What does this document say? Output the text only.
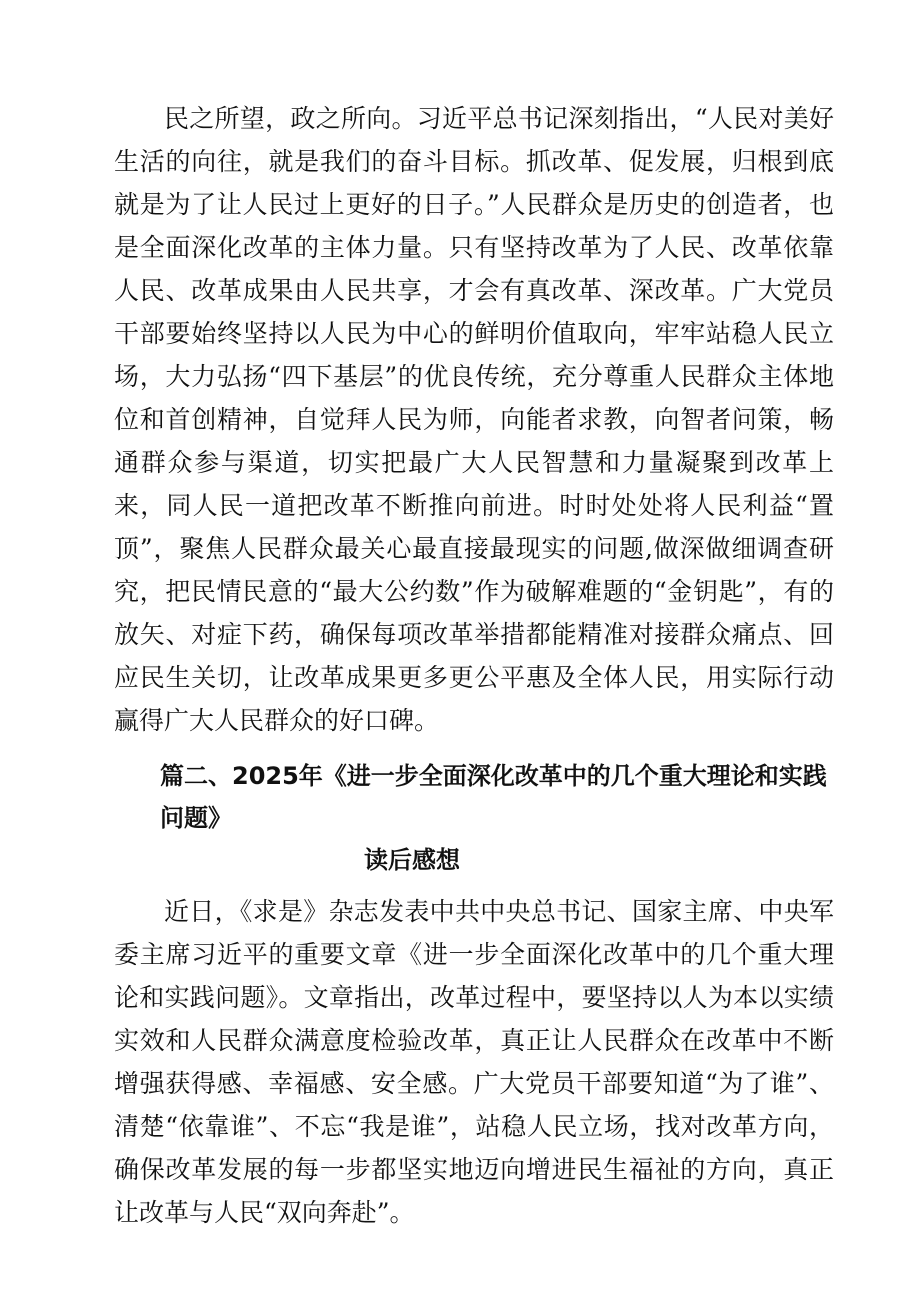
民之所望，政之所向。习近平总书记深刻指出，“人民对美好生活的向往，就是我们的奋斗目标。抓改革、促发展，归根到底就是为了让人民过上更好的日子。”人民群众是历史的创造者，也是全面深化改革的主体力量。只有坚持改革为了人民、改革依靠人民、改革成果由人民共享，才会有真改革、深改革。广大党员干部要始终坚持以人民为中心的鲜明价值取向，牢牢站稳人民立场，大力弘扬“四下基层”的优良传统，充分尊重人民群众主体地位和首创精神，自觉拜人民为师，向能者求教，向智者问策，畅通群众参与渠道，切实把最广大人民智慧和力量凝聚到改革上来，同人民一道把改革不断推向前进。时时处处将人民利益“置顶”，聚焦人民群众最关心最直接最现实的问题,做深做细调查研究，把民情民意的“最大公约数”作为破解难题的“金钥匙”，有的放矢、对症下药，确保每项改革举措都能精准对接群众痛点、回应民生关切，让改革成果更多更公平惠及全体人民，用实际行动赢得广大人民群众的好口碑。

篇二、2025年《进一步全面深化改革中的几个重大理论和实践问题》
读后感想

近日，《求是》杂志发表中共中央总书记、国家主席、中央军委主席习近平的重要文章《进一步全面深化改革中的几个重大理论和实践问题》。文章指出，改革过程中，要坚持以人为本以实绩实效和人民群众满意度检验改革，真正让人民群众在改革中不断增强获得感、幸福感、安全感。广大党员干部要知道“为了谁”、清楚“依靠谁”、不忘“我是谁”，站稳人民立场，找对改革方向，确保改革发展的每一步都坚实地迈向增进民生福祉的方向，真正让改革与人民“双向奔赴”。
